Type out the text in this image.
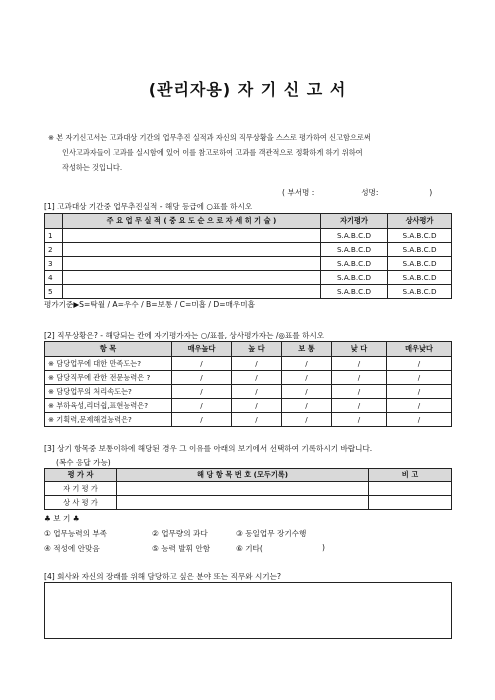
(관리자용) 자 기 신 고 서
※ 본 자기신고서는 고과대상 기간의 업무추진 실적과 자신의 직무상황을 스스로 평가하여 신고함으로써
인사고과자들이 고과를 실시함에 있어 이를 참고로하여 고과를 객관적으로 정확하게 하기 위하여
작성하는 것입니다.
( 부서명 :	성명:	)
[1] 고과대상 기간중 업무추진실적 - 해당 등급에 ○표를 하시오
	주 요 업 무 실 적 ( 중 요 도 순 으 로 자 세 히 기 술 )	자기평가	상사평가
1		S.A.B.C.D	S.A.B.C.D
2		S.A.B.C.D	S.A.B.C.D
3		S.A.B.C.D	S.A.B.C.D
4		S.A.B.C.D	S.A.B.C.D
5		S.A.B.C.D	S.A.B.C.D
평가기준▶S=탁월 / A=우수 / B=보통 / C=미흡 / D=매우미흡
[2] 직무상황은? - 해당되는 칸에 자기평가자는 ○/표를, 상사평가자는 /◎표를 하시오
항 목	매우높다	높 다	보 통	낮 다	매우낮다
※ 담당업무에 대한 만족도는?	/	/	/	/	/
※ 담당직무에 관한 전문능력은 ?	/	/	/	/	/
※ 담당업무의 처리속도는?	/	/	/	/	/
※ 부하육성,리더쉽,표현능력은?	/	/	/	/	/
※ 기획력,문제해결능력은?	/	/	/	/	/
[3] 상기 항목중 보통이하에 해당된 경우 그 이유를 아래의 보기에서 선택하여 기록하시기 바랍니다.
(복수 응답 가능)
평 가 자	해 당 항 목 번 호 (모두기록)	비 고
자 기 평 가		
상 사 평 가		
♣ 보 기 ♣
① 업무능력의 부족	② 업무량의 과다	③ 동일업무 장기수행
④ 적성에 안맞음	⑤ 능력 발휘 안함	⑥ 기타(	)
[4] 회사와 자신의 장래를 위해 담당하고 싶은 분야 또는 직무와 시기는?
